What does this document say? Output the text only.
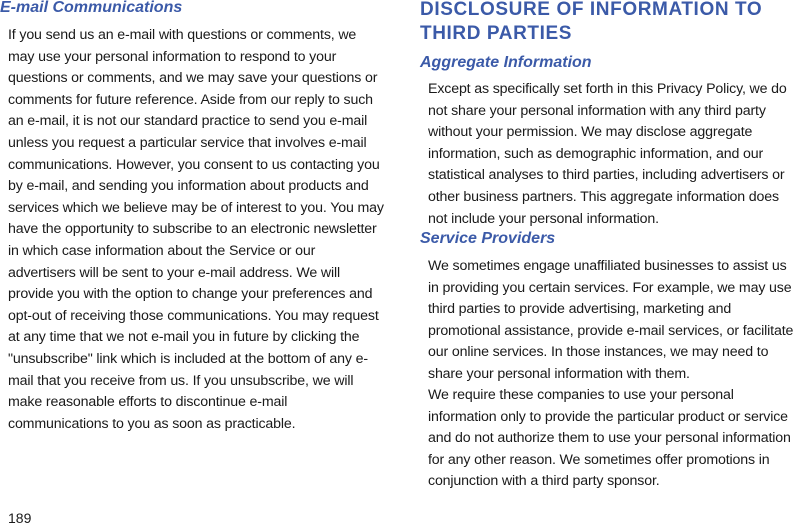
E-mail Communications

If you send us an e-mail with questions or comments, we may use your personal information to respond to your questions or comments, and we may save your questions or comments for future reference. Aside from our reply to such an e-mail, it is not our standard practice to send you e-mail unless you request a particular service that involves e-mail communications. However, you consent to us contacting you by e-mail, and sending you information about products and services which we believe may be of interest to you. You may have the opportunity to subscribe to an electronic newsletter in which case information about the Service or our advertisers will be sent to your e-mail address. We will provide you with the option to change your preferences and opt-out of receiving those communications. You may request at any time that we not e-mail you in future by clicking the "unsubscribe" link which is included at the bottom of any e-mail that you receive from us. If you unsubscribe, we will make reasonable efforts to discontinue e-mail communications to you as soon as practicable.

DISCLOSURE OF INFORMATION TO THIRD PARTIES
Aggregate Information

Except as specifically set forth in this Privacy Policy, we do not share your personal information with any third party without your permission. We may disclose aggregate information, such as demographic information, and our statistical analyses to third parties, including advertisers or other business partners. This aggregate information does not include your personal information.

Service Providers

We sometimes engage unaffiliated businesses to assist us in providing you certain services. For example, we may use third parties to provide advertising, marketing and promotional assistance, provide e-mail services, or facilitate our online services. In those instances, we may need to share your personal information with them.

We require these companies to use your personal information only to provide the particular product or service and do not authorize them to use your personal information for any other reason. We sometimes offer promotions in conjunction with a third party sponsor.

189
